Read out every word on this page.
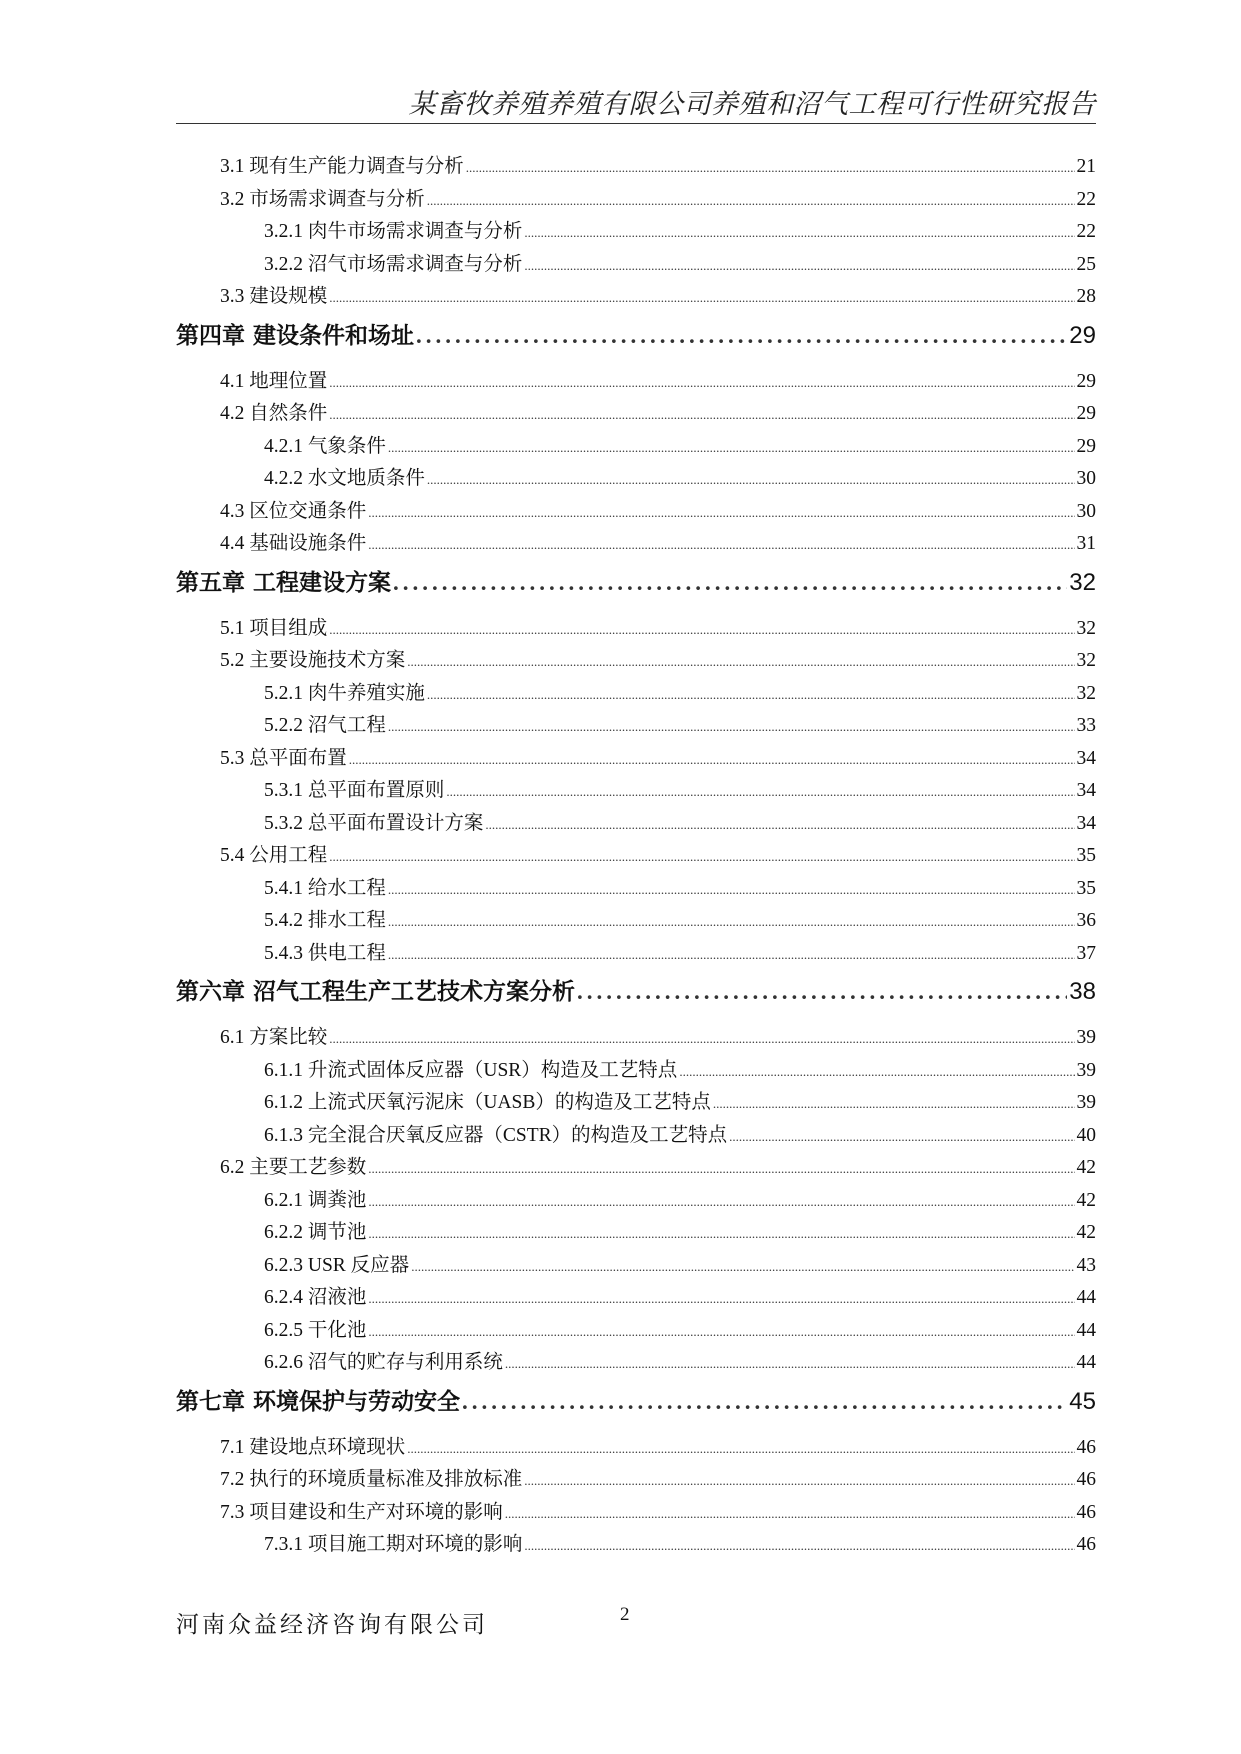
某畜牧养殖养殖有限公司养殖和沼气工程可行性研究报告
3.1 现有生产能力调查与分析 .....	21
3.2 市场需求调查与分析 .....	22
3.2.1 肉牛市场需求调查与分析 .....	22
3.2.2 沼气市场需求调查与分析 .....	25
3.3 建设规模 .....	28
第四章 建设条件和场址 .....	29
4.1 地理位置 .....	29
4.2 自然条件 .....	29
4.2.1 气象条件 .....	29
4.2.2 水文地质条件 .....	30
4.3 区位交通条件 .....	30
4.4 基础设施条件 .....	31
第五章 工程建设方案 .....	32
5.1 项目组成 .....	32
5.2 主要设施技术方案 .....	32
5.2.1 肉牛养殖实施 .....	32
5.2.2 沼气工程 .....	33
5.3 总平面布置 .....	34
5.3.1 总平面布置原则 .....	34
5.3.2 总平面布置设计方案 .....	34
5.4 公用工程 .....	35
5.4.1 给水工程 .....	35
5.4.2 排水工程 .....	36
5.4.3 供电工程 .....	37
第六章 沼气工程生产工艺技术方案分析 .....	38
6.1 方案比较 .....	39
6.1.1 升流式固体反应器（USR）构造及工艺特点 .....	39
6.1.2 上流式厌氧污泥床（UASB）的构造及工艺特点 .....	39
6.1.3 完全混合厌氧反应器（CSTR）的构造及工艺特点 .....	40
6.2 主要工艺参数 .....	42
6.2.1 调粪池 .....	42
6.2.2 调节池 .....	42
6.2.3 USR 反应器 .....	43
6.2.4 沼液池 .....	44
6.2.5 干化池 .....	44
6.2.6 沼气的贮存与利用系统 .....	44
第七章 环境保护与劳动安全 .....	45
7.1 建设地点环境现状 .....	46
7.2 执行的环境质量标准及排放标准 .....	46
7.3 项目建设和生产对环境的影响 .....	46
7.3.1 项目施工期对环境的影响 .....	46
河南众益经济咨询有限公司	2
